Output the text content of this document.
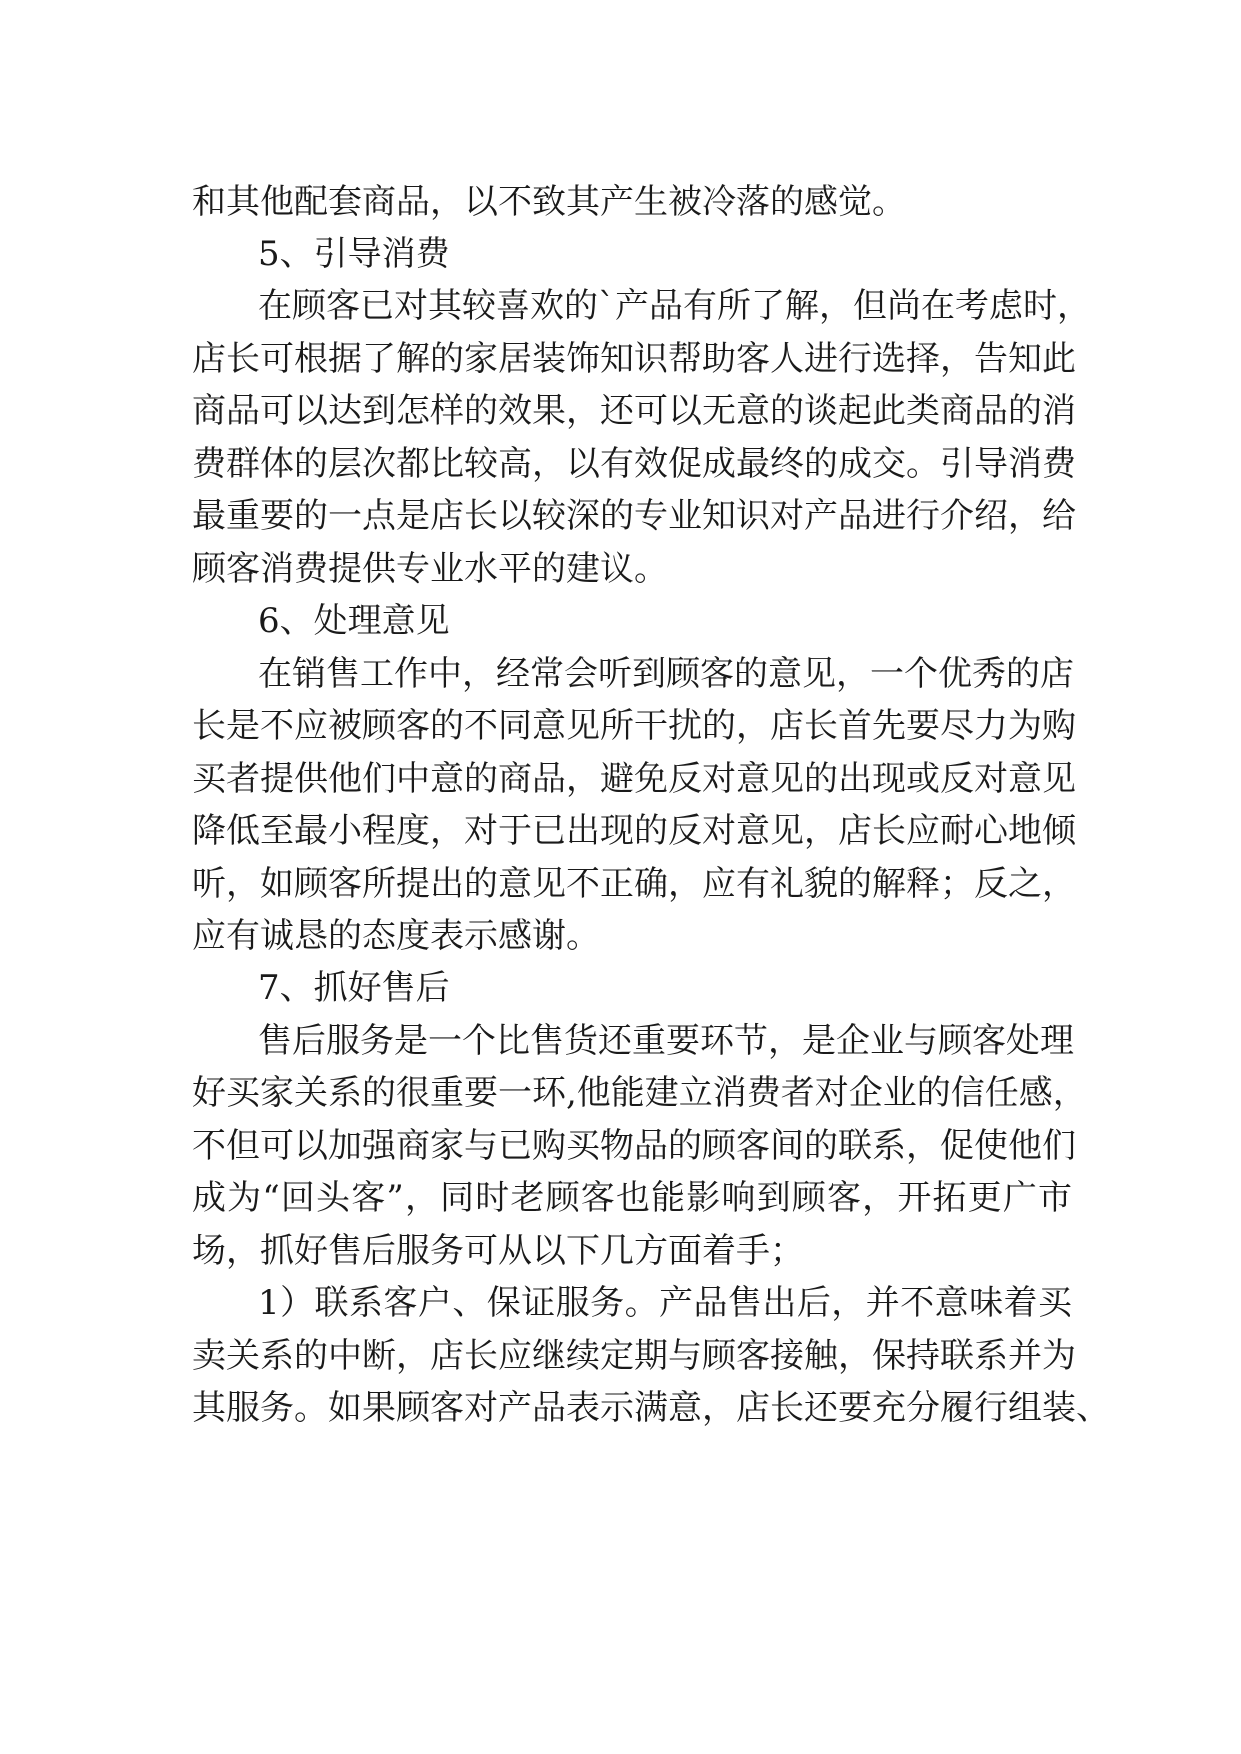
和其他配套商品，以不致其产生被冷落的感觉。

5、引导消费

在顾客已对其较喜欢的`产品有所了解，但尚在考虑时，

店长可根据了解的家居装饰知识帮助客人进行选择，告知此

商品可以达到怎样的效果，还可以无意的谈起此类商品的消

费群体的层次都比较高，以有效促成最终的成交。引导消费

最重要的一点是店长以较深的专业知识对产品进行介绍，给

顾客消费提供专业水平的建议。

6、处理意见

在销售工作中，经常会听到顾客的意见，一个优秀的店

长是不应被顾客的不同意见所干扰的，店长首先要尽力为购

买者提供他们中意的商品，避免反对意见的出现或反对意见

降低至最小程度，对于已出现的反对意见，店长应耐心地倾

听，如顾客所提出的意见不正确，应有礼貌的解释；反之，

应有诚恳的态度表示感谢。

7、抓好售后

售后服务是一个比售货还重要环节，是企业与顾客处理

好买家关系的很重要一环,他能建立消费者对企业的信任感，

不但可以加强商家与已购买物品的顾客间的联系，促使他们

成为“回头客”，同时老顾客也能影响到顾客，开拓更广市

场，抓好售后服务可从以下几方面着手；

1）联系客户、保证服务。产品售出后，并不意味着买

卖关系的中断，店长应继续定期与顾客接触，保持联系并为

其服务。如果顾客对产品表示满意，店长还要充分履行组装、
